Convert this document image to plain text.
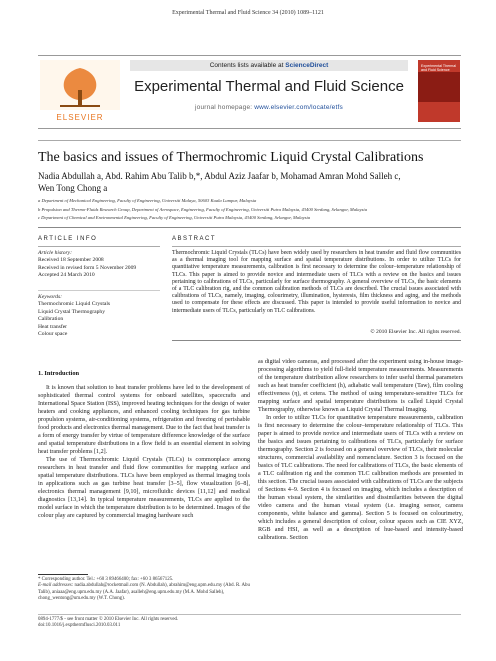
Experimental Thermal and Fluid Science 34 (2010) 1089–1121
ELSEVIER
Contents lists available at ScienceDirect
Experimental Thermal and Fluid Science
journal homepage: www.elsevier.com/locate/etfs
Experimental Thermal and Fluid Science
The basics and issues of Thermochromic Liquid Crystal Calibrations
Nadia Abdullah a, Abd. Rahim Abu Talib b,*, Abdul Aziz Jaafar b, Mohamad Amran Mohd Salleh c,
Wen Tong Chong a
a Department of Mechanical Engineering, Faculty of Engineering, Universiti Malaya, 50603 Kuala Lumpur, Malaysia
b Propulsion and Thermo-Fluids Research Group, Department of Aerospace, Engineering, Faculty of Engineering, Universiti Putra Malaysia, 43400 Serdang, Selangor, Malaysia
c Department of Chemical and Environmental Engineering, Faculty of Engineering, Universiti Putra Malaysia, 43400 Serdang, Selangor, Malaysia
ARTICLE INFO	ABSTRACT
Article history:
Received 18 September 2008
Received in revised form 5 November 2009
Accepted 24 March 2010
Keywords:
Thermochromic Liquid Crystals
Liquid Crystal Thermography
Calibration
Heat transfer
Colour space
Thermochromic Liquid Crystals (TLCs) have been widely used by researchers in heat transfer and fluid flow communities as a thermal imaging tool for mapping surface and spatial temperature distributions. In order to utilize TLCs for quantitative temperature measurements, calibration is first necessary to determine the colour–temperature relationship of TLCs. This paper is aimed to provide novice and intermediate users of TLCs with a review on the basics and issues pertaining to calibrations of TLCs, particularly for surface thermography. A general overview of TLCs, the basic elements of a TLC calibration rig, and the common calibration methods of TLCs are described. The crucial issues associated with calibrations of TLCs, namely, imaging, colourimetry, illumination, hysteresis, film thickness and aging, and the methods used to compensate for these effects are discussed. This paper is intended to provide useful information to novice and intermediate users of TLCs, particularly on TLC calibrations.
© 2010 Elsevier Inc. All rights reserved.
1. Introduction

It is known that solution to heat transfer problems have led to the development of sophisticated thermal control systems for onboard satellites, spacecrafts and International Space Station (ISS), improved heating techniques for the design of water heaters and cooking appliances, and enhanced cooling techniques for gas turbine propulsion systems, air-conditioning systems, refrigeration and freezing of perishable food products and electronics thermal management. Due to the fact that heat transfer is a form of energy transfer by virtue of temperature difference knowledge of the surface and spatial temperature distributions in a flow field is an essential element in solving heat transfer problems [1,2].

The use of Thermochromic Liquid Crystals (TLCs) is commonplace among researchers in heat transfer and fluid flow communities for mapping surface and spatial temperature distributions. TLCs have been employed as thermal imaging tools in applications such as gas turbine heat transfer [3–5], flow visualization [6–8], electronics thermal management [9,10], microfluidic devices [11,12] and medical diagnostics [13,14]. In typical temperature measurements, TLCs are applied to the model surface in which the temperature distribution is to be determined. Images of the colour play are captured by commercial imaging hardware such

as digital video cameras, and processed after the experiment using in-house image-processing algorithms to yield full-field temperature measurements. Measurements of the temperature distribution allow researchers to infer useful thermal parameters such as heat transfer coefficient (h), adiabatic wall temperature (Taw), film cooling effectiveness (η), et cetera. The method of using temperature-sensitive TLCs for mapping surface and spatial temperature distributions is called Liquid Crystal Thermography, otherwise known as Liquid Crystal Thermal Imaging.

In order to utilize TLCs for quantitative temperature measurements, calibration is first necessary to determine the colour–temperature relationship of TLCs. This paper is aimed to provide novice and intermediate users of TLCs with a review on the basics and issues pertaining to calibrations of TLCs, particularly for surface thermography. Section 2 is focused on a general overview of TLCs, their molecular structures, commercial availability and nomenclature. Section 3 is focused on the basics of TLC calibrations. The need for calibrations of TLCs, the basic elements of a TLC calibration rig and the common TLC calibration methods are presented in this section. The crucial issues associated with calibrations of TLCs are the subjects of Sections 4–9. Section 4 is focused on imaging, which includes a description of the human visual system, the similarities and dissimilarities between the digital video camera and the human visual system (i.e. imaging sensor, camera components, white balance and gamma). Section 5 is focused on colourimetry, which includes a general description of colour, colour spaces such as CIE XYZ, RGB and HSI, as well as a description of hue-based and intensity-based calibrations. Section

* Corresponding author. Tel.: +60 3 89466400; fax: +60 3 86567125.
E-mail addresses: nadia.abdullah@rocketmail.com (N. Abdullah), abrahim@eng.upm.edu.my (Abd. R. Abu Talib), aniaaa@eng.upm.edu.my (A.A. Jaafar), asalleh@eng.upm.edu.my (M.A. Mohd Salleh), chong_wentong@um.edu.my (W.T. Chong).
0894-1777/$ - see front matter © 2010 Elsevier Inc. All rights reserved.
doi:10.1016/j.expthermflusci.2010.03.011
